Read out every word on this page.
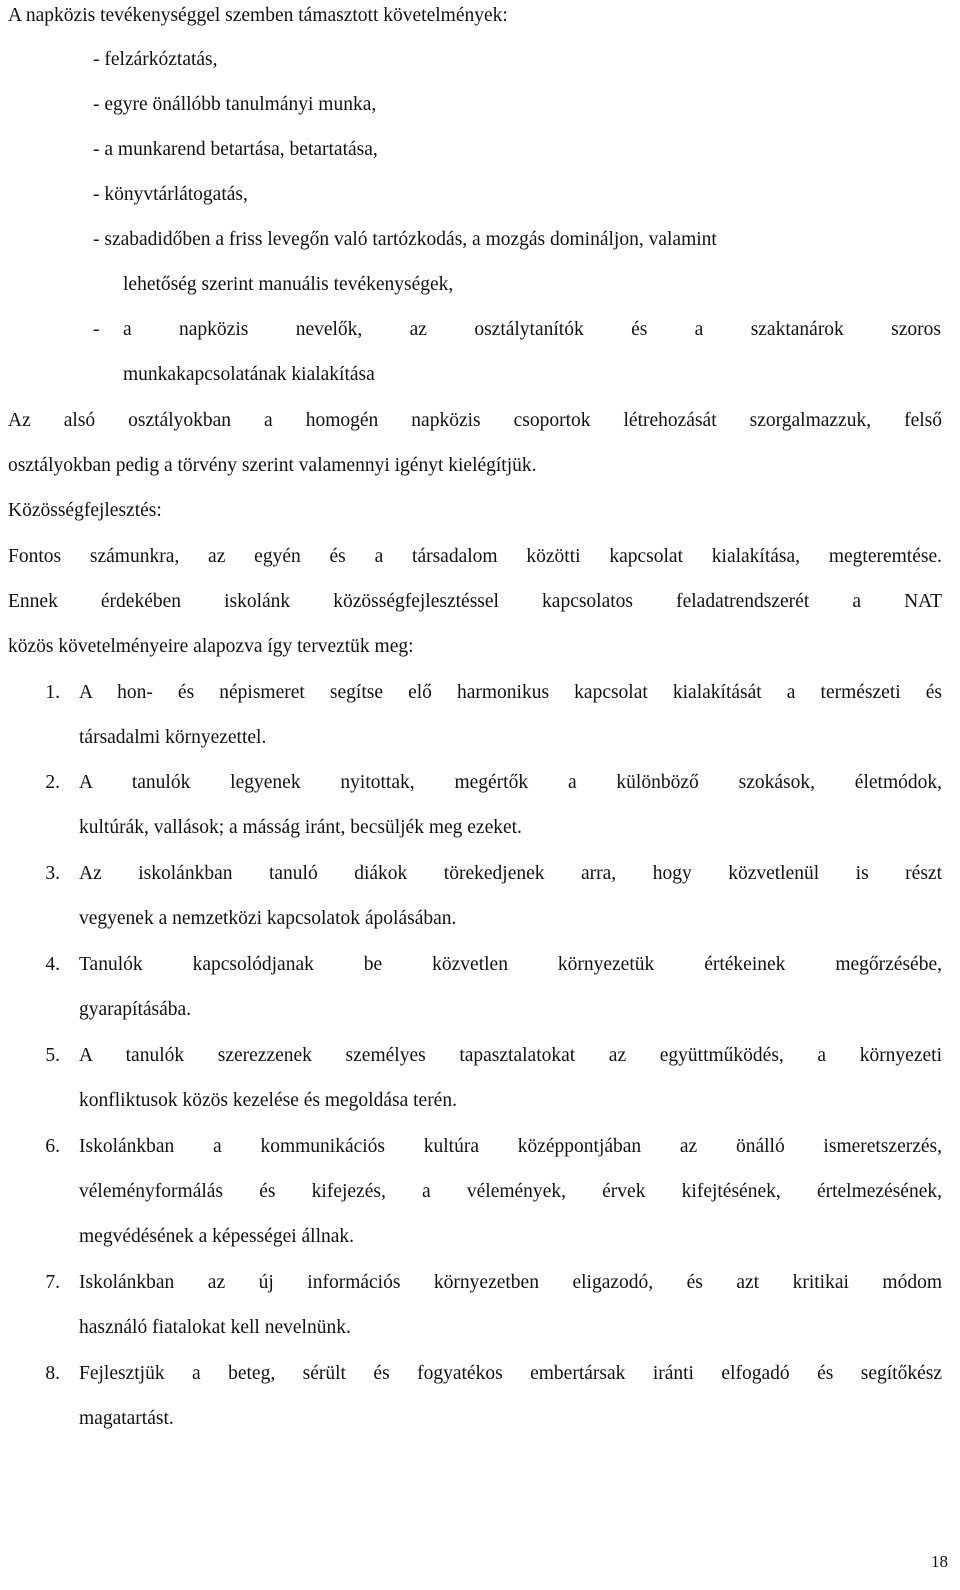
A napközis tevékenységgel szemben támasztott követelmények:
- felzárkóztatás,
- egyre önállóbb tanulmányi munka,
- a munkarend betartása, betartatása,
- könyvtárlátogatás,
- szabadidőben a friss levegőn való tartózkodás, a mozgás domináljon, valamint
lehetőség szerint manuális tevékenységek,
- a napközis nevelők, az osztálytanítók és a szaktanárok szoros
munkakapcsolatának kialakítása
Az alsó osztályokban a homogén napközis csoportok létrehozását szorgalmazzuk, felső
osztályokban pedig a törvény szerint valamennyi igényt kielégítjük.
Közösségfejlesztés:
Fontos számunkra, az egyén és a társadalom közötti kapcsolat kialakítása, megteremtése.
Ennek érdekében iskolánk közösségfejlesztéssel kapcsolatos feladatrendszerét a NAT
közös követelményeire alapozva így terveztük meg:
1. A hon- és népismeret segítse elő harmonikus kapcsolat kialakítását a természeti és
társadalmi környezettel.
2. A tanulók legyenek nyitottak, megértők a különböző szokások, életmódok,
kultúrák, vallások; a másság iránt, becsüljék meg ezeket.
3. Az iskolánkban tanuló diákok törekedjenek arra, hogy közvetlenül is részt
vegyenek a nemzetközi kapcsolatok ápolásában.
4. Tanulók kapcsolódjanak be közvetlen környezetük értékeinek megőrzésébe,
gyarapításába.
5. A tanulók szerezzenek személyes tapasztalatokat az együttműködés, a környezeti
konfliktusok közös kezelése és megoldása terén.
6. Iskolánkban a kommunikációs kultúra középpontjában az önálló ismeretszerzés,
véleményformálás és kifejezés, a vélemények, érvek kifejtésének, értelmezésének,
megvédésének a képességei állnak.
7. Iskolánkban az új információs környezetben eligazodó, és azt kritikai módom
használó fiatalokat kell nevelnünk.
8. Fejlesztjük a beteg, sérült és fogyatékos embertársak iránti elfogadó és segítőkész
magatartást.
18
